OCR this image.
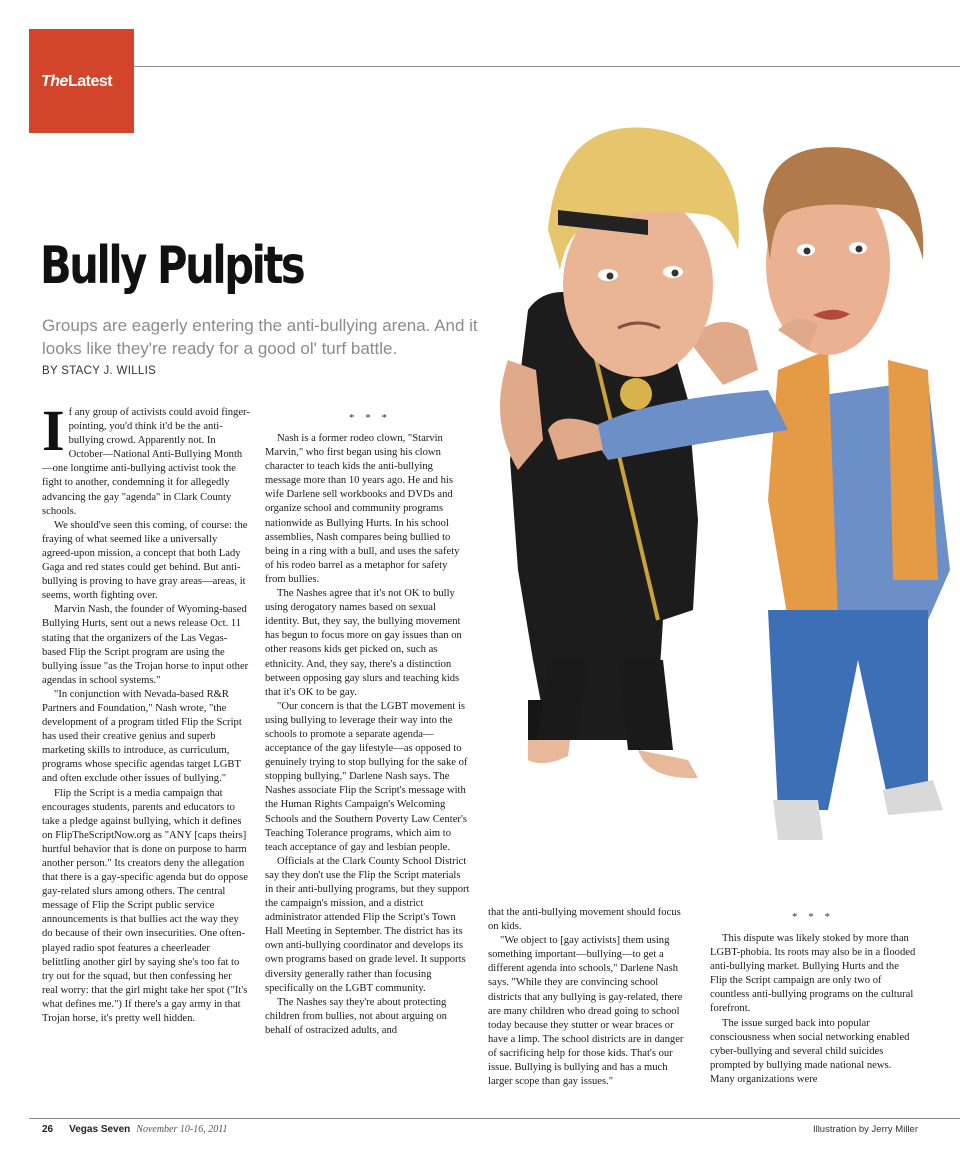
TheLatest
Bully Pulpits
Groups are eagerly entering the anti-bullying arena. And it looks like they're ready for a good ol' turf battle.
BY STACY J. WILLIS
I f any group of activists could avoid finger-pointing, you'd think it'd be the anti-bullying crowd. Apparently not. In October—National Anti-Bullying Month—one longtime anti-bullying activist took the fight to another, condemning it for allegedly advancing the gay "agenda" in Clark County schools.

We should've seen this coming, of course: the fraying of what seemed like a universally agreed-upon mission, a concept that both Lady Gaga and red states could get behind. But anti-bullying is proving to have gray areas—areas, it seems, worth fighting over.

Marvin Nash, the founder of Wyoming-based Bullying Hurts, sent out a news release Oct. 11 stating that the organizers of the Las Vegas-based Flip the Script program are using the bullying issue "as the Trojan horse to input other agendas in school systems."

"In conjunction with Nevada-based R&R Partners and Foundation," Nash wrote, "the development of a program titled Flip the Script has used their creative genius and superb marketing skills to introduce, as curriculum, programs whose specific agendas target LGBT and often exclude other issues of bullying."

Flip the Script is a media campaign that encourages students, parents and educators to take a pledge against bullying, which it defines on FlipTheScriptNow.org as "ANY [caps theirs] hurtful behavior that is done on purpose to harm another person." Its creators deny the allegation that there is a gay-specific agenda but do oppose gay-related slurs among others. The central message of Flip the Script public service announcements is that bullies act the way they do because of their own insecurities. One often-played radio spot features a cheerleader belittling another girl by saying she's too fat to try out for the squad, but then confessing her real worry: that the girl might take her spot ("It's what defines me.") If there's a gay army in that Trojan horse, it's pretty well hidden.

* * *

Nash is a former rodeo clown, "Starvin Marvin," who first began using his clown character to teach kids the anti-bullying message more than 10 years ago. He and his wife Darlene sell workbooks and DVDs and organize school and community programs nationwide as Bullying Hurts. In his school assemblies, Nash compares being bullied to being in a ring with a bull, and uses the safety of his rodeo barrel as a metaphor for safety from bullies.

The Nashes agree that it's not OK to bully using derogatory names based on sexual identity. But, they say, the bullying movement has begun to focus more on gay issues than on other reasons kids get picked on, such as ethnicity. And, they say, there's a distinction between opposing gay slurs and teaching kids that it's OK to be gay.

"Our concern is that the LGBT movement is using bullying to leverage their way into the schools to promote a separate agenda—acceptance of the gay lifestyle—as opposed to genuinely trying to stop bullying for the sake of stopping bullying," Darlene Nash says. The Nashes associate Flip the Script's message with the Human Rights Campaign's Welcoming Schools and the Southern Poverty Law Center's Teaching Tolerance programs, which aim to teach acceptance of gay and lesbian people.

Officials at the Clark County School District say they don't use the Flip the Script materials in their anti-bullying programs, but they support the campaign's mission, and a district administrator attended Flip the Script's Town Hall Meeting in September. The district has its own anti-bullying coordinator and develops its own programs based on grade level. It supports diversity generally rather than focusing specifically on the LGBT community.

The Nashes say they're about protecting children from bullies, not about arguing on behalf of ostracized adults, and

that the anti-bullying movement should focus on kids.

"We object to [gay activists] them using something important—bullying—to get a different agenda into schools," Darlene Nash says. "While they are convincing school districts that any bullying is gay-related, there are many children who dread going to school today because they stutter or wear braces or have a limp. The school districts are in danger of sacrificing help for those kids. That's our issue. Bullying is bullying and has a much larger scope than gay issues."

* * *

This dispute was likely stoked by more than LGBT-phobia. Its roots may also be in a flooded anti-bullying market. Bullying Hurts and the Flip the Script campaign are only two of countless anti-bullying programs on the cultural forefront.

The issue surged back into popular consciousness when social networking enabled cyber-bullying and several child suicides prompted by bullying made national news. Many organizations were

26 Vegas Seven November 10-16, 2011	Illustration by Jerry Miller
